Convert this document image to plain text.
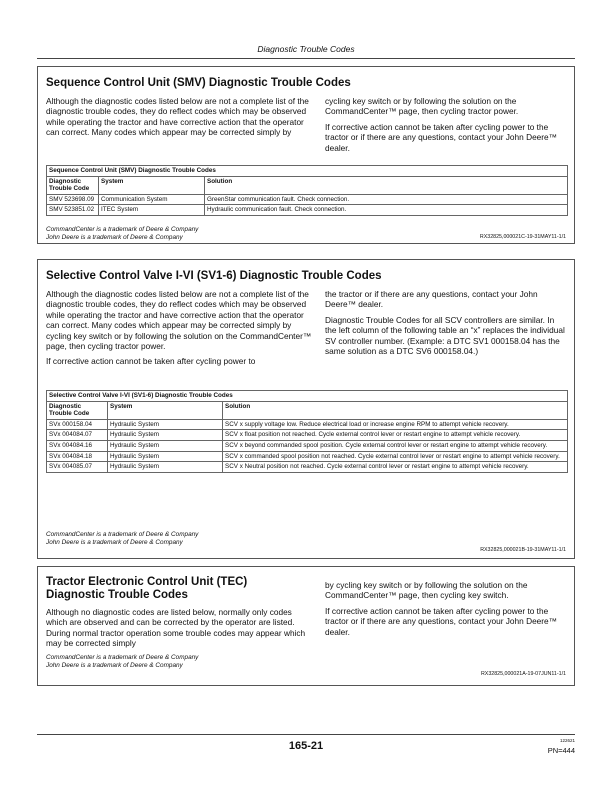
Diagnostic Trouble Codes
Sequence Control Unit (SMV) Diagnostic Trouble Codes

Although the diagnostic codes listed below are not a complete list of the diagnostic trouble codes, they do reflect codes which may be observed while operating the tractor and have corrective action that the operator can correct. Many codes which appear may be corrected simply by

cycling key switch or by following the solution on the CommandCenter™ page, then cycling tractor power.

If corrective action cannot be taken after cycling power to the tractor or if there are any questions, contact your John Deere™ dealer.

Sequence Control Unit (SMV) Diagnostic Trouble Codes		
Diagnostic Trouble Code	System	Solution
SMV 523698.09	Communication System	GreenStar communication fault. Check connection.
SMV 523851.02	ITEC System	Hydraulic communication fault. Check connection.
CommandCenter is a trademark of Deere & Company
John Deere is a trademark of Deere & Company	RX32825,000021C-19-31MAY11-1/1
Selective Control Valve I-VI (SV1-6) Diagnostic Trouble Codes

Although the diagnostic codes listed below are not a complete list of the diagnostic trouble codes, they do reflect codes which may be observed while operating the tractor and have corrective action that the operator can correct. Many codes which appear may be corrected simply by cycling key switch or by following the solution on the CommandCenter™ page, then cycling tractor power.

If corrective action cannot be taken after cycling power to

the tractor or if there are any questions, contact your John Deere™ dealer.

Diagnostic Trouble Codes for all SCV controllers are similar. In the left column of the following table an “x” replaces the individual SV controller number. (Example: a DTC SV1 000158.04 has the same solution as a DTC SV6 000158.04.)

Selective Control Valve I-VI (SV1-6) Diagnostic Trouble Codes		
Diagnostic Trouble Code	System	Solution
SVx 000158.04	Hydraulic System	SCV x supply voltage low. Reduce electrical load or increase engine RPM to attempt vehicle recovery.
SVx 004084.07	Hydraulic System	SCV x float position not reached. Cycle external control lever or restart engine to attempt vehicle recovery.
SVx 004084.16	Hydraulic System	SCV x beyond commanded spool position. Cycle external control lever or restart engine to attempt vehicle recovery.
SVx 004084.18	Hydraulic System	SCV x commanded spool position not reached. Cycle external control lever or restart engine to attempt vehicle recovery.
SVx 004085.07	Hydraulic System	SCV x Neutral position not reached. Cycle external control lever or restart engine to attempt vehicle recovery.
CommandCenter is a trademark of Deere & Company
John Deere is a trademark of Deere & Company
RX32825,000021B-19-31MAY11-1/1
Tractor Electronic Control Unit (TEC)
Diagnostic Trouble Codes

Although no diagnostic codes are listed below, normally only codes which are observed and can be corrected by the operator are listed. During normal tractor operation some trouble codes may appear which may be corrected simply

by cycling key switch or by following the solution on the CommandCenter™ page, then cycling key switch.

If corrective action cannot be taken after cycling power to the tractor or if there are any questions, contact your John Deere™ dealer.

CommandCenter is a trademark of Deere & Company
John Deere is a trademark of Deere & Company
RX32825,000021A-19-07JUN11-1/1
165-21	122621
PN=444
